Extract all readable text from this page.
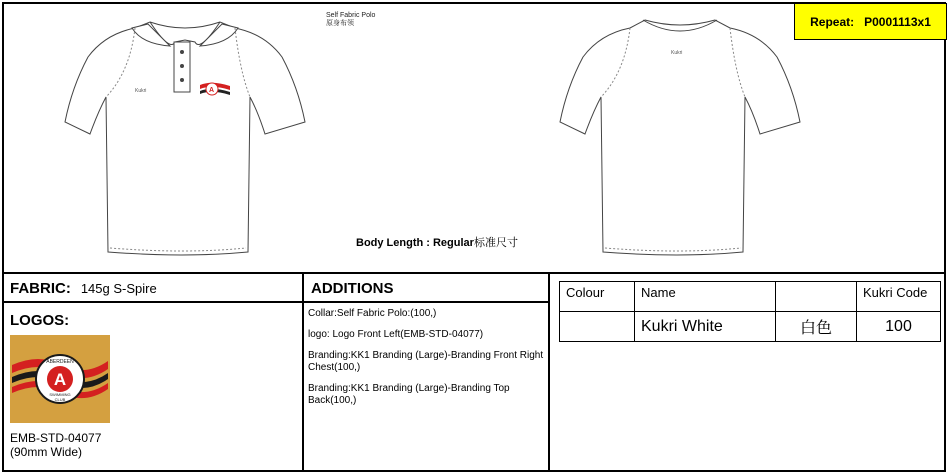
Repeat: P0001113x1
Self Fabric Polo
原身布领
Kukri	A
Kukri
Body Length : Regular标准尺寸
FABRIC: 145g S-Spire
LOGOS:
A
ABERDEEN
SWIMMING
CLUB
EMB-STD-04077
(90mm Wide)
ADDITIONS
Collar:Self Fabric Polo:(100,)
logo: Logo Front Left(EMB-STD-04077)
Branding:KK1 Branding (Large)-Branding Front Right Chest(100,)
Branding:KK1 Branding (Large)-Branding Top Back(100,)
Colour	Name		Kukri Code
	Kukri White	白色	100
